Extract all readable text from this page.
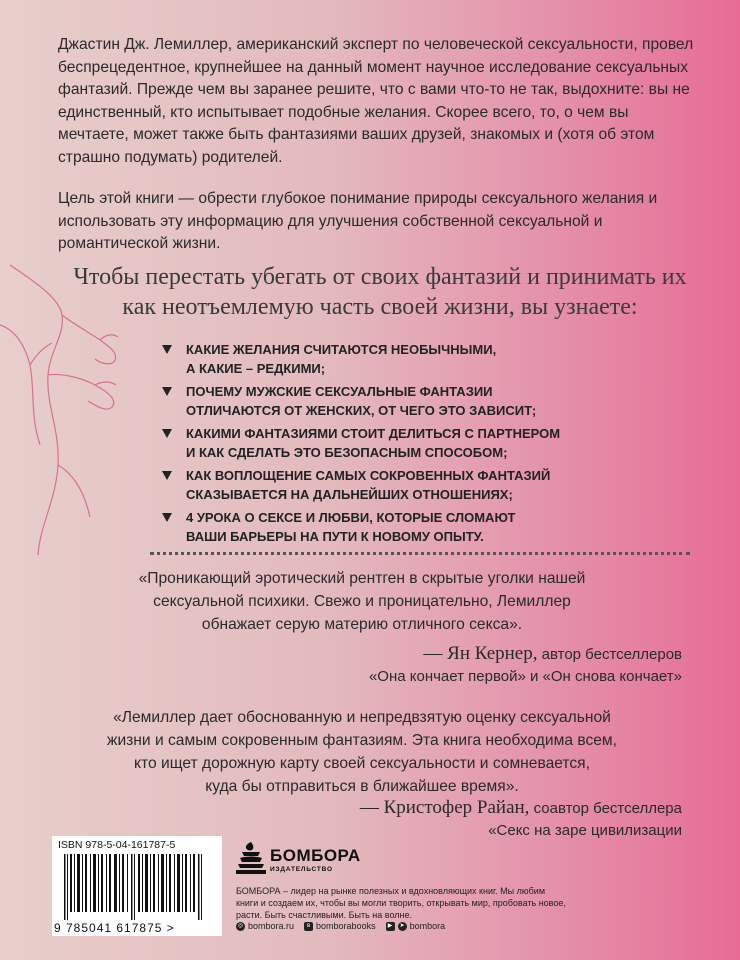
Джастин Дж. Лемиллер, американский эксперт по человеческой сексуальности, провел беспрецедентное, крупнейшее на данный момент научное исследование сексуальных фантазий. Прежде чем вы заранее решите, что с вами что-то не так, выдохните: вы не единственный, кто испытывает подобные желания. Скорее всего, то, о чем вы мечтаете, может также быть фантазиями ваших друзей, знакомых и (хотя об этом страшно подумать) родителей.

Цель этой книги — обрести глубокое понимание природы сексуального желания и использовать эту информацию для улучшения собственной сексуальной и романтической жизни.

Чтобы перестать убегать от своих фантазий и принимать их как неотъемлемую часть своей жизни, вы узнаете:
КАКИЕ ЖЕЛАНИЯ СЧИТАЮТСЯ НЕОБЫЧНЫМИ,
А КАКИЕ – РЕДКИМИ;
ПОЧЕМУ МУЖСКИЕ СЕКСУАЛЬНЫЕ ФАНТАЗИИ
ОТЛИЧАЮТСЯ ОТ ЖЕНСКИХ, ОТ ЧЕГО ЭТО ЗАВИСИТ;
КАКИМИ ФАНТАЗИЯМИ СТОИТ ДЕЛИТЬСЯ С ПАРТНЕРОМ
И КАК СДЕЛАТЬ ЭТО БЕЗОПАСНЫМ СПОСОБОМ;
КАК ВОПЛОЩЕНИЕ САМЫХ СОКРОВЕННЫХ ФАНТАЗИЙ
СКАЗЫВАЕТСЯ НА ДАЛЬНЕЙШИХ ОТНОШЕНИЯХ;
4 УРОКА О СЕКСЕ И ЛЮБВИ, КОТОРЫЕ СЛОМАЮТ
ВАШИ БАРЬЕРЫ НА ПУТИ К НОВОМУ ОПЫТУ.
«Проникающий эротический рентген в скрытые уголки нашей
сексуальной психики. Свежо и проницательно, Лемиллер
обнажает серую материю отличного секса».
— Ян Кернер, автор бестселлеров
«Она кончает первой» и «Он снова кончает»
«Лемиллер дает обоснованную и непредвзятую оценку сексуальной
жизни и самым сокровенным фантазиям. Эта книга необходима всем,
кто ищет дорожную карту своей сексуальности и сомневается,
куда бы отправиться в ближайшее время».
— Кристофер Райан, соавтор бестселлера
«Секс на заре цивилизации
ISBN 978-5-04-161787-5
9 785041 617875 >
БОМБОРА
ИЗДАТЕЛЬСТВО
БОМБОРА – лидер на рынке полезных и вдохновляющих книг. Мы любим книги и создаем их, чтобы вы могли творить, открывать мир, пробовать новое, расти. Быть счастливыми. Быть на волне.
◎ bombora.ru	в bomborabooks	▶	➤ bombora
